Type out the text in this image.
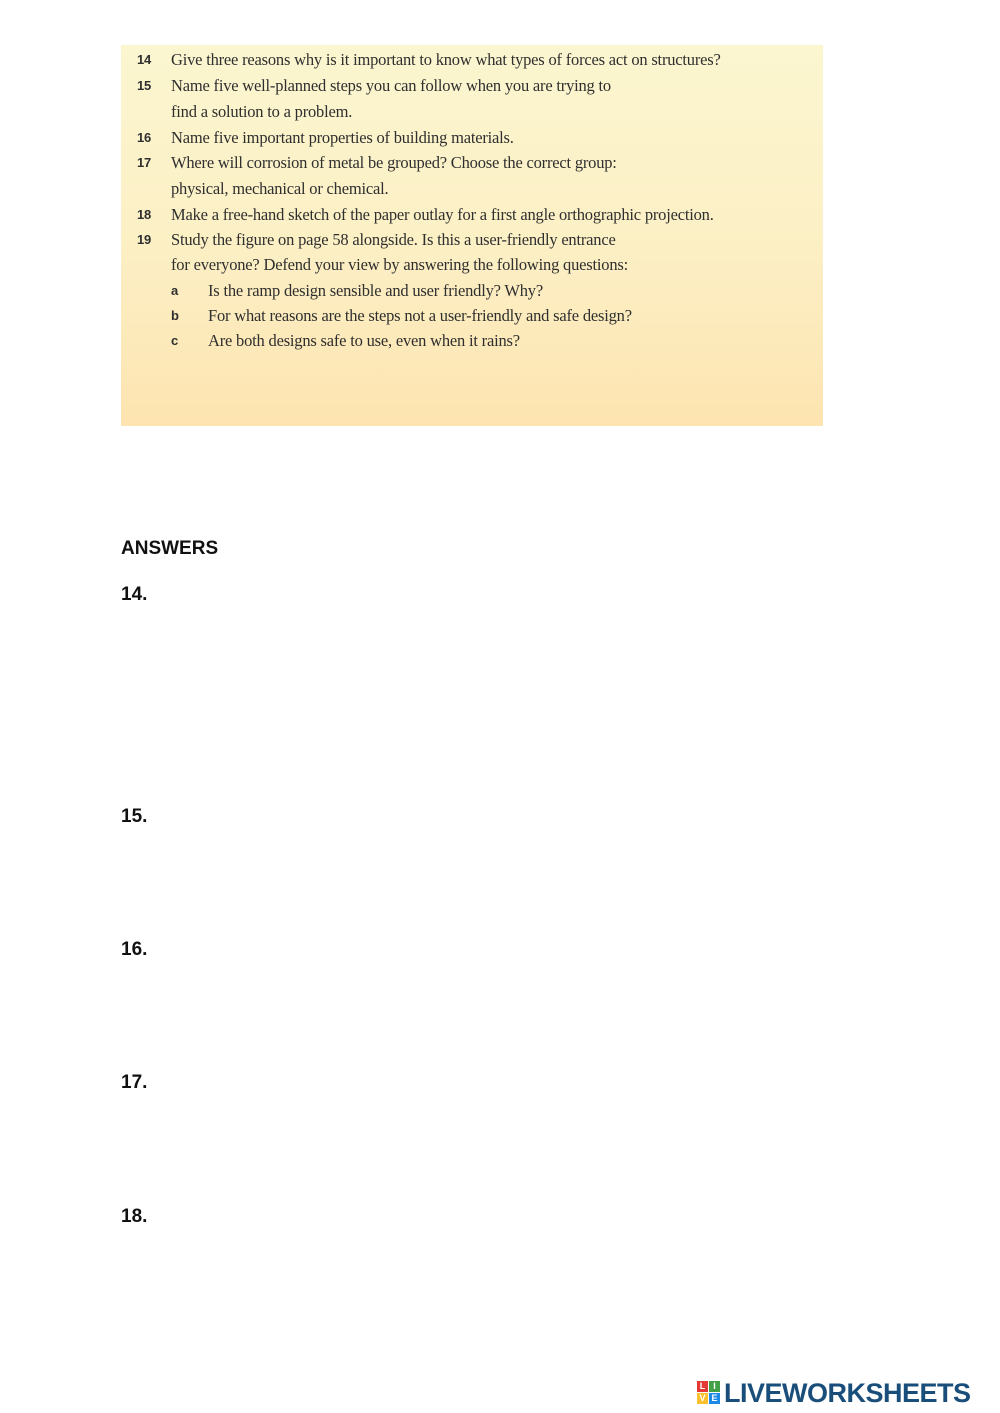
14 Give three reasons why is it important to know what types of forces act on structures?
15 Name five well-planned steps you can follow when you are trying to
find a solution to a problem.
16 Name five important properties of building materials.
17 Where will corrosion of metal be grouped? Choose the correct group:
physical, mechanical or chemical.
18 Make a free-hand sketch of the paper outlay for a first angle orthographic projection.
19 Study the figure on page 58 alongside. Is this a user-friendly entrance
for everyone? Defend your view by answering the following questions:
a Is the ramp design sensible and user friendly? Why?
b For what reasons are the steps not a user-friendly and safe design?
c Are both designs safe to use, even when it rains?
ANSWERS
14.
15.
16.
17.
18.
L I
V E LIVEWORKSHEETS
